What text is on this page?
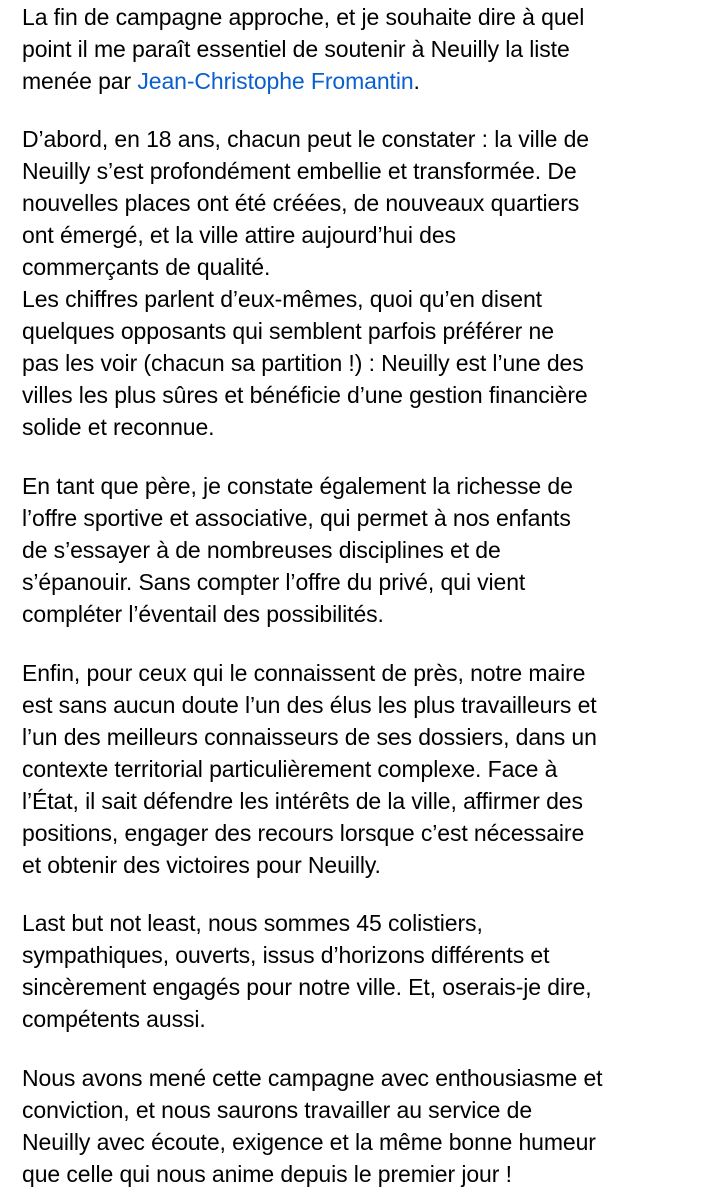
La fin de campagne approche, et je souhaite dire à quel
point il me paraît essentiel de soutenir à Neuilly la liste
menée par Jean-Christophe Fromantin.
D’abord, en 18 ans, chacun peut le constater : la ville de
Neuilly s’est profondément embellie et transformée. De
nouvelles places ont été créées, de nouveaux quartiers
ont émergé, et la ville attire aujourd’hui des
commerçants de qualité.
Les chiffres parlent d’eux-mêmes, quoi qu’en disent
quelques opposants qui semblent parfois préférer ne
pas les voir (chacun sa partition !) : Neuilly est l’une des
villes les plus sûres et bénéficie d’une gestion financière
solide et reconnue.
En tant que père, je constate également la richesse de
l’offre sportive et associative, qui permet à nos enfants
de s’essayer à de nombreuses disciplines et de
s’épanouir. Sans compter l’offre du privé, qui vient
compléter l’éventail des possibilités.
Enfin, pour ceux qui le connaissent de près, notre maire
est sans aucun doute l’un des élus les plus travailleurs et
l’un des meilleurs connaisseurs de ses dossiers, dans un
contexte territorial particulièrement complexe. Face à
l’État, il sait défendre les intérêts de la ville, affirmer des
positions, engager des recours lorsque c’est nécessaire
et obtenir des victoires pour Neuilly.
Last but not least, nous sommes 45 colistiers,
sympathiques, ouverts, issus d’horizons différents et
sincèrement engagés pour notre ville. Et, oserais-je dire,
compétents aussi.
Nous avons mené cette campagne avec enthousiasme et
conviction, et nous saurons travailler au service de
Neuilly avec écoute, exigence et la même bonne humeur
que celle qui nous anime depuis le premier jour !
